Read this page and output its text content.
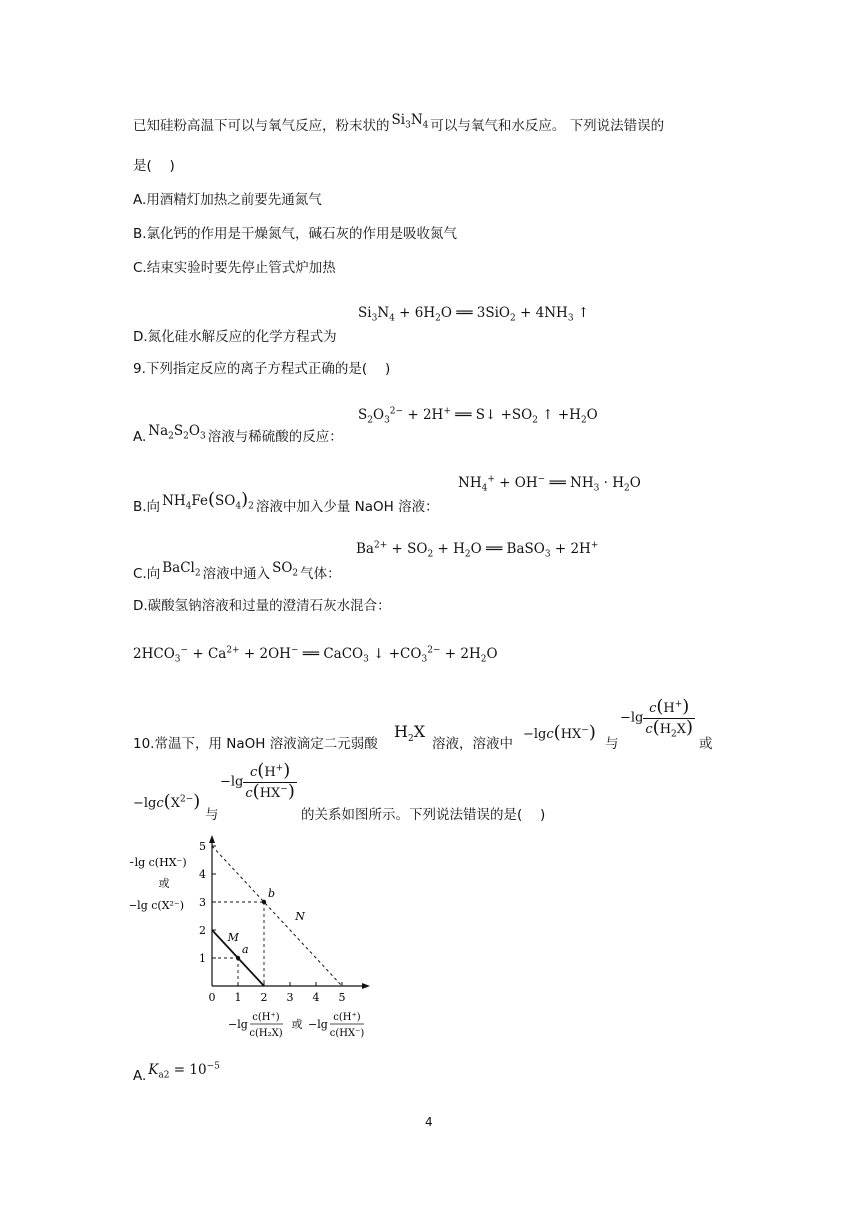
已知硅粉高温下可以与氧气反应，粉末状的 $Si_3N_4$ 可以与氧气和水反应。 下列说法错误的
是(　 )
A.用酒精灯加热之前要先通氮气
B.氯化钙的作用是干燥氮气，碱石灰的作用是吸收氮气
C.结束实验时要先停止管式炉加热
$Si_3N_4 + 6H_2O$ ══ $3SiO_2 + 4NH_3$ ↑
D.氮化硅水解反应的化学方程式为
9.下列指定反应的离子方程式正确的是(　 )
$S_2O_3^{2-} + 2H^+$ ══ S↓ $+SO_2$ ↑ $+H_2O$
A. $Na_2S_2O_3$ 溶液与稀硫酸的反应：
$NH_4^+ + OH^-$ ══ $NH_3 \cdot H_2O$
B.向 $NH_4Fe(SO_4)_2$ 溶液中加入少量 NaOH 溶液：
$Ba^{2+} + SO_2 + H_2O$ ══ BaSO$_3$ + 2H+
C.向 BaCl$_2$ 溶液中通入 $SO_2$ 气体：
D.碳酸氢钠溶液和过量的澄清石灰水混合：
$2HCO_3^- + Ca^{2+} + 2OH^-$ ══ CaCO$_3$ ↓ $+CO_3^{2-} + 2H_2O$
10.常温下，用 NaOH 溶液滴定二元弱酸
$H_2X$
溶液，溶液中
−lgc(HX−)
与
$-\lg \frac{c(H^+)}{c(H_2X)}$
或
$-\lg c(X^{2-})$
与
$-\lg \frac{c(H^+)}{c(HX^-)}$
的关系如图所示。下列说法错误的是(　 )
−lg c(HX⁻)
或
−lg c(X²⁻)
0 1 2 3 4 5
1
2
3
4
5
M
N
a
b
−lg
c(H⁺)
c(H₂X)
或 −lg
c(H⁺)
c(HX⁻)
A. $K_{a2} = 10^{-5}$
4
